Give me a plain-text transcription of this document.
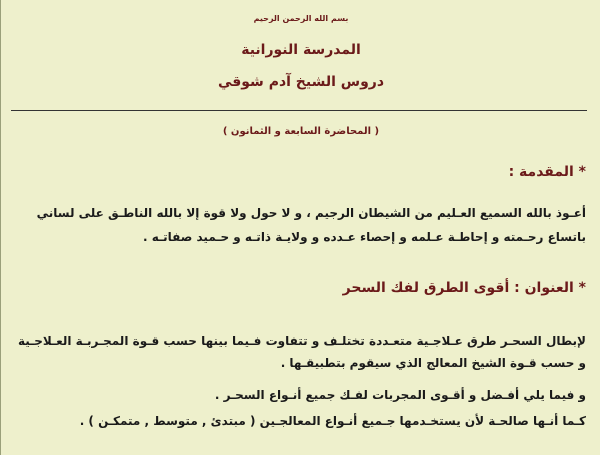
بسم الله الرحمن الرحيم
المدرسة النورانية
دروس الشيخ آدم شوقي
( المحاضرة السابعة و الثمانون )
* المقدمة :
أعـوذ بالله السميع العـليم من الشيطان الرجيم ، و لا حول ولا قوة إلا بالله الناطـق على لساني
باتساع رحـمته و إحاطـة عـلمه و إحصاء عـدده و ولايـة ذاتـه و حـميد صفاتـه .
* العنوان : أقوى الطرق لفك السحر
لإبطال السحـر طرق عـلاجـية متعـددة تختلـف و تتفاوت فـيما بينها حسب قـوة المجـربـة العـلاجـية
و حسب قـوة الشيخ المعالج الذي سيقوم بتطبيقـها .
و فيما يلي أفـضل و أقـوى المجربات لفـك جميع أنـواع السحـر .
كـما أنـها صالحـة لأن يستخـدمها جـميع أنـواع المعالجـين ( مبتدئ , متوسط , متمكـن ) .
